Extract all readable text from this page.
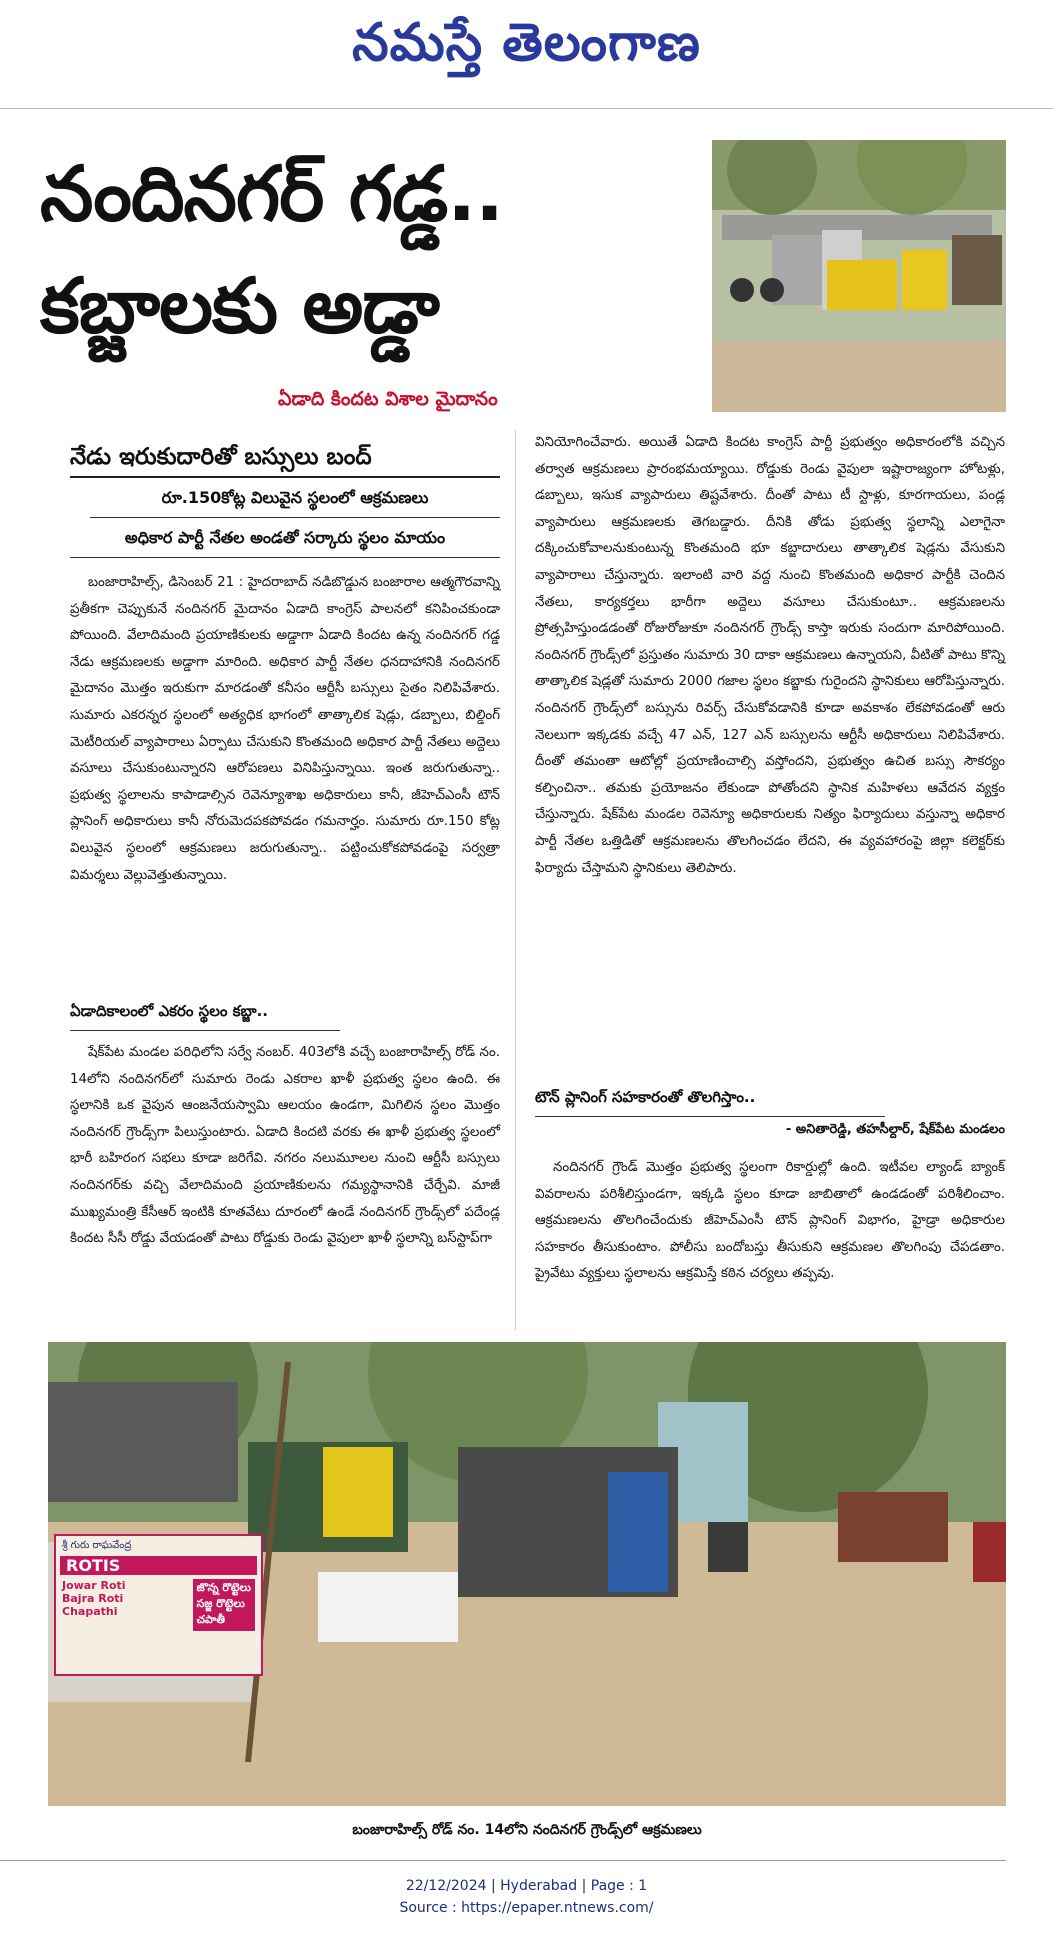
నమస్తే తెలంగాణ
నందినగర్ గడ్డ..
కబ్జాలకు అడ్డా
ఏడాది కిందట విశాల మైదానం
నేడు ఇరుకుదారితో బస్సులు బంద్
రూ.150కోట్ల విలువైన స్థలంలో ఆక్రమణలు
అధికార పార్టీ నేతల అండతో సర్కారు స్థలం మాయం

బంజారాహిల్స్, డిసెంబర్ 21 : హైదరాబాద్ నడిబొడ్డున బంజారాల ఆత్మగౌరవాన్ని ప్రతీకగా చెప్పుకునే నందినగర్ మైదానం ఏడాది కాంగ్రెస్ పాలనలో కనిపించకుండా పోయింది. వేలాదిమంది ప్రయాణికులకు అడ్డాగా ఏడాది కిందట ఉన్న నందినగర్ గడ్డ నేడు ఆక్రమణలకు అడ్డాగా మారింది. అధికార పార్టీ నేతల ధనదాహానికి నందినగర్ మైదానం మొత్తం ఇరుకుగా మారడంతో కనీసం ఆర్టీసీ బస్సులు సైతం నిలిపివేశారు. సుమారు ఎకరన్నర స్థలంలో అత్యధిక భాగంలో తాత్కాలిక షెడ్లు, డబ్బాలు, బిల్డింగ్ మెటీరియల్ వ్యాపారాలు ఏర్పాటు చేసుకుని కొంతమంది అధికార పార్టీ నేతలు అద్దెలు వసూలు చేసుకుంటున్నారని ఆరోపణలు వినిపిస్తున్నాయి. ఇంత జరుగుతున్నా.. ప్రభుత్వ స్థలాలను కాపాడాల్సిన రెవెన్యూశాఖ అధికారులు కానీ, జీహెచ్ఎంసీ టౌన్ ప్లానింగ్ అధికారులు కానీ నోరుమెదపకపోవడం గమనార్హం. సుమారు రూ.150 కోట్ల విలువైన స్థలంలో ఆక్రమణలు జరుగుతున్నా.. పట్టించుకోకపోవడంపై సర్వత్రా విమర్శలు వెల్లువెత్తుతున్నాయి.

ఏడాదికాలంలో ఎకరం స్థలం కబ్జా..

షేక్‌పేట మండల పరిధిలోని సర్వే నంబర్. 403లోకి వచ్చే బంజారాహిల్స్ రోడ్ నం. 14లోని నందినగర్‌లో సుమారు రెండు ఎకరాల ఖాళీ ప్రభుత్వ స్థలం ఉంది. ఈ స్థలానికి ఒక వైపున ఆంజనేయస్వామి ఆలయం ఉండగా, మిగిలిన స్థలం మొత్తం నందినగర్ గ్రౌండ్స్‌గా పిలుస్తుంటారు. ఏడాది కిందటి వరకు ఈ ఖాళీ ప్రభుత్వ స్థలంలో భారీ బహిరంగ సభలు కూడా జరిగేవి. నగరం నలుమూలల నుంచి ఆర్టీసీ బస్సులు నందినగర్‌కు వచ్చి వేలాదిమంది ప్రయాణికులను గమ్యస్థానానికి చేర్చేవి. మాజీ ముఖ్యమంత్రి కేసీఆర్ ఇంటికి కూతవేటు దూరంలో ఉండే నందినగర్ గ్రౌండ్స్‌లో పదేండ్ల కిందట సీసీ రోడ్డు వేయడంతో పాటు రోడ్డుకు రెండు వైపులా ఖాళీ స్థలాన్ని బస్‌స్టాప్‌గా

వినియోగించేవారు. అయితే ఏడాది కిందట కాంగ్రెస్ పార్టీ ప్రభుత్వం అధికారంలోకి వచ్చిన తర్వాత ఆక్రమణలు ప్రారంభమయ్యాయి. రోడ్డుకు రెండు వైపులా ఇష్టారాజ్యంగా హోటళ్లు, డబ్బాలు, ఇసుక వ్యాపారులు తిష్టవేశారు. దీంతో పాటు టీ స్టాళ్లు, కూరగాయలు, పండ్ల వ్యాపారులు ఆక్రమణలకు తెగబడ్డారు. దీనికి తోడు ప్రభుత్వ స్థలాన్ని ఎలాగైనా దక్కించుకోవాలనుకుంటున్న కొంతమంది భూ కబ్జాదారులు తాత్కాలిక షెడ్లను వేసుకుని వ్యాపారాలు చేస్తున్నారు. ఇలాంటి వారి వద్ద నుంచి కొంతమంది అధికార పార్టీకి చెందిన నేతలు, కార్యకర్తలు భారీగా అద్దెలు వసూలు చేసుకుంటూ.. ఆక్రమణలను ప్రోత్సహిస్తుండడంతో రోజురోజుకూ నందినగర్ గ్రౌండ్స్ కాస్తా ఇరుకు సందుగా మారిపోయింది. నందినగర్ గ్రౌండ్స్‌లో ప్రస్తుతం సుమారు 30 దాకా ఆక్రమణలు ఉన్నాయని, వీటితో పాటు కొన్ని తాత్కాలిక షెడ్లతో సుమారు 2000 గజాల స్థలం కబ్జాకు గురైందని స్థానికులు ఆరోపిస్తున్నారు. నందినగర్ గ్రౌండ్స్‌లో బస్సును రివర్స్ చేసుకోవడానికి కూడా అవకాశం లేకపోవడంతో ఆరు నెలలుగా ఇక్కడకు వచ్చే 47 ఎన్, 127 ఎన్ బస్సులను ఆర్టీసీ అధికారులు నిలిపివేశారు. దీంతో తమంతా ఆటోల్లో ప్రయాణించాల్సి వస్తోందని, ప్రభుత్వం ఉచిత బస్సు సౌకర్యం కల్పించినా.. తమకు ప్రయోజనం లేకుండా పోతోందని స్థానిక మహిళలు ఆవేదన వ్యక్తం చేస్తున్నారు. షేక్‌పేట మండల రెవెన్యూ అధికారులకు నిత్యం ఫిర్యాదులు వస్తున్నా అధికార పార్టీ నేతల ఒత్తిడితో ఆక్రమణలను తొలగించడం లేదని, ఈ వ్యవహారంపై జిల్లా కలెక్టర్‌కు ఫిర్యాదు చేస్తామని స్థానికులు తెలిపారు.

టౌన్ ప్లానింగ్ సహకారంతో తొలగిస్తాం..
- అనితారెడ్డి, తహసీల్దార్, షేక్‌పేట మండలం

నందినగర్ గ్రౌండ్ మొత్తం ప్రభుత్వ స్థలంగా రికార్డుల్లో ఉంది. ఇటీవల ల్యాండ్ బ్యాంక్ వివరాలను పరిశీలిస్తుండగా, ఇక్కడి స్థలం కూడా జాబితాలో ఉండడంతో పరిశీలించాం. ఆక్రమణలను తొలగించేందుకు జీహెచ్ఎంసీ టౌన్ ప్లానింగ్ విభాగం, హైడ్రా అధికారుల సహకారం తీసుకుంటాం. పోలీసు బందోబస్తు తీసుకుని ఆక్రమణల తొలగింపు చేపడతాం. ప్రైవేటు వ్యక్తులు స్థలాలను ఆక్రమిస్తే కఠిన చర్యలు తప్పవు.

శ్రీ గురు రాఘవేంద్ర
ROTIS
Jowar Roti
Bajra Roti
Chapathi
జొన్న రొట్టెలు
సజ్జ రొట్టెలు
చపాతీ
బంజారాహిల్స్ రోడ్ నం. 14లోని నందినగర్ గ్రౌండ్స్‌లో ఆక్రమణలు
22/12/2024 | Hyderabad | Page : 1
Source : https://epaper.ntnews.com/
